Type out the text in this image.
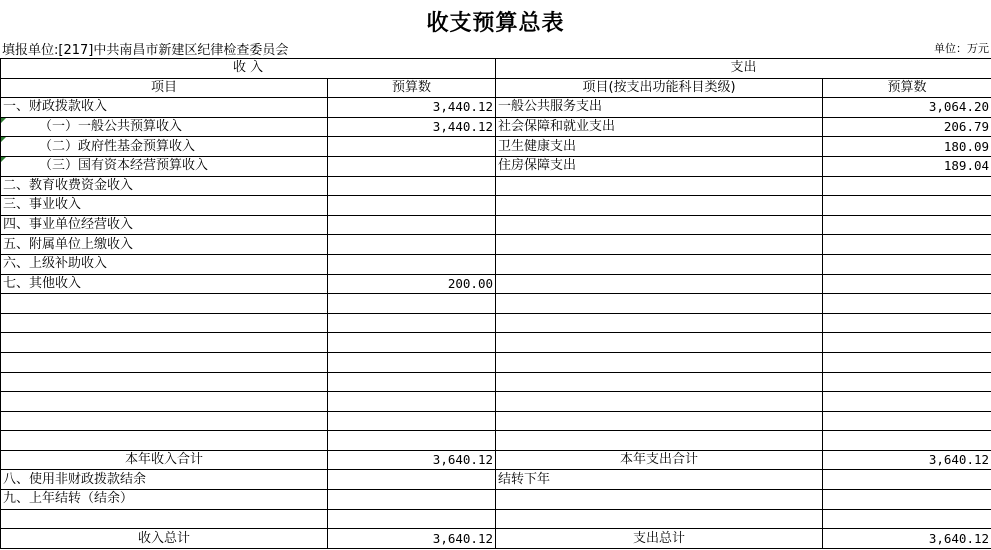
收支预算总表
填报单位:[217]中共南昌市新建区纪律检查委员会	单位：万元
收 入		支出	
项目	预算数	项目(按支出功能科目类级)	预算数
一、财政拨款收入	3,440.12	一般公共服务支出	3,064.20
（一）一般公共预算收入	3,440.12	社会保障和就业支出	206.79
（二）政府性基金预算收入		卫生健康支出	180.09
（三）国有资本经营预算收入		住房保障支出	189.04
二、教育收费资金收入			
三、事业收入			
四、事业单位经营收入			
五、附属单位上缴收入			
六、上级补助收入			
七、其他收入	200.00		

本年收入合计	3,640.12	本年支出合计	3,640.12
八、使用非财政拨款结余		结转下年	
九、上年结转（结余）			

收入总计	3,640.12	支出总计	3,640.12
